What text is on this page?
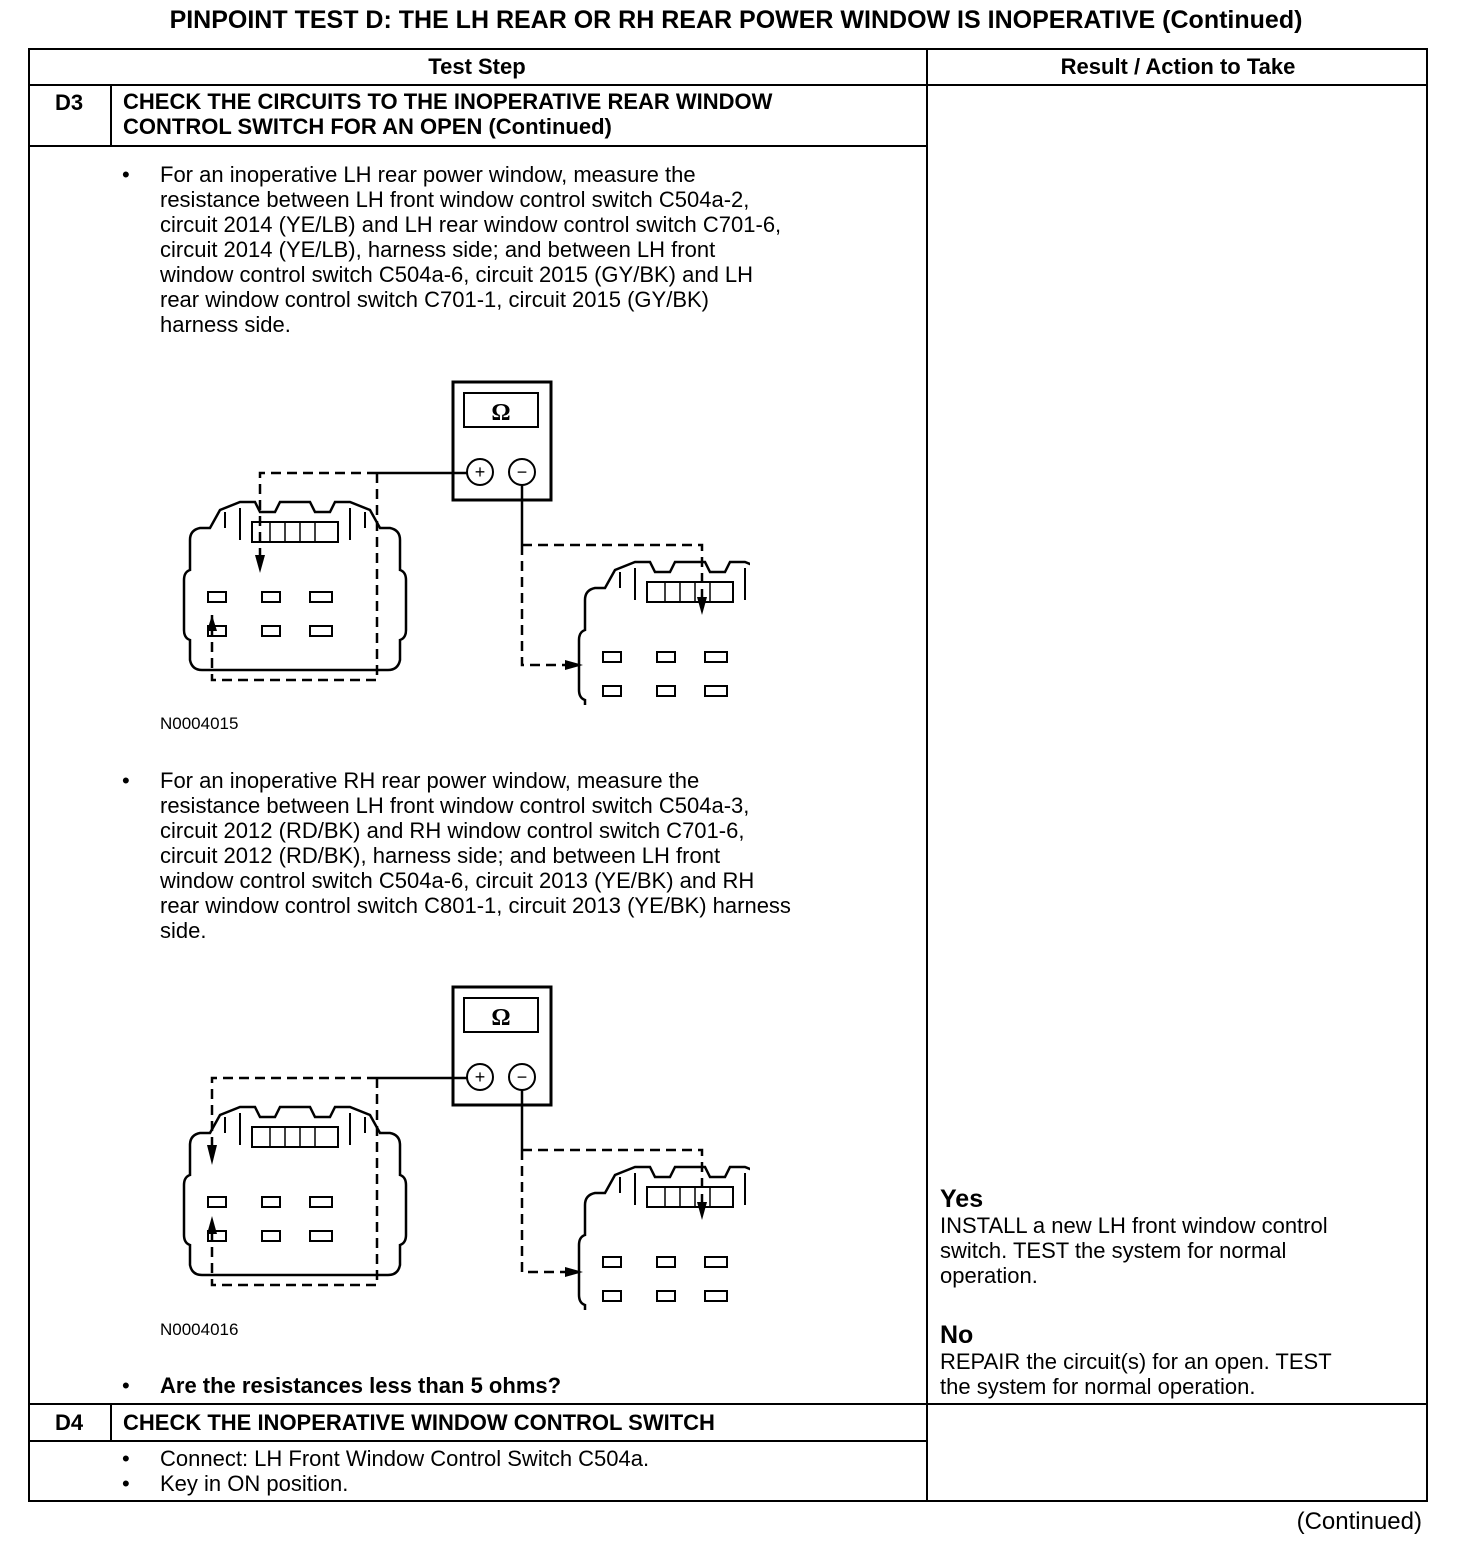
PINPOINT TEST D: THE LH REAR OR RH REAR POWER WINDOW IS INOPERATIVE (Continued)
Test Step	Result / Action to Take
D3	CHECK THE CIRCUITS TO THE INOPERATIVE REAR WINDOW
CONTROL SWITCH FOR AN OPEN (Continued)
• For an inoperative LH rear power window, measure the
resistance between LH front window control switch C504a-2,
circuit 2014 (YE/LB) and LH rear window control switch C701-6,
circuit 2014 (YE/LB), harness side; and between LH front
window control switch C504a-6, circuit 2015 (GY/BK) and LH
rear window control switch C701-1, circuit 2015 (GY/BK)
harness side.
Ω
+ −
N0004015
• For an inoperative RH rear power window, measure the
resistance between LH front window control switch C504a-3,
circuit 2012 (RD/BK) and RH window control switch C701-6,
circuit 2012 (RD/BK), harness side; and between LH front
window control switch C504a-6, circuit 2013 (YE/BK) and RH
rear window control switch C801-1, circuit 2013 (YE/BK) harness
side.
Ω
+ −
N0004016
• Are the resistances less than 5 ohms?
Yes
INSTALL a new LH front window control
switch. TEST the system for normal
operation.
No
REPAIR the circuit(s) for an open. TEST
the system for normal operation.
D4	CHECK THE INOPERATIVE WINDOW CONTROL SWITCH
• Connect: LH Front Window Control Switch C504a.
• Key in ON position.
(Continued)
